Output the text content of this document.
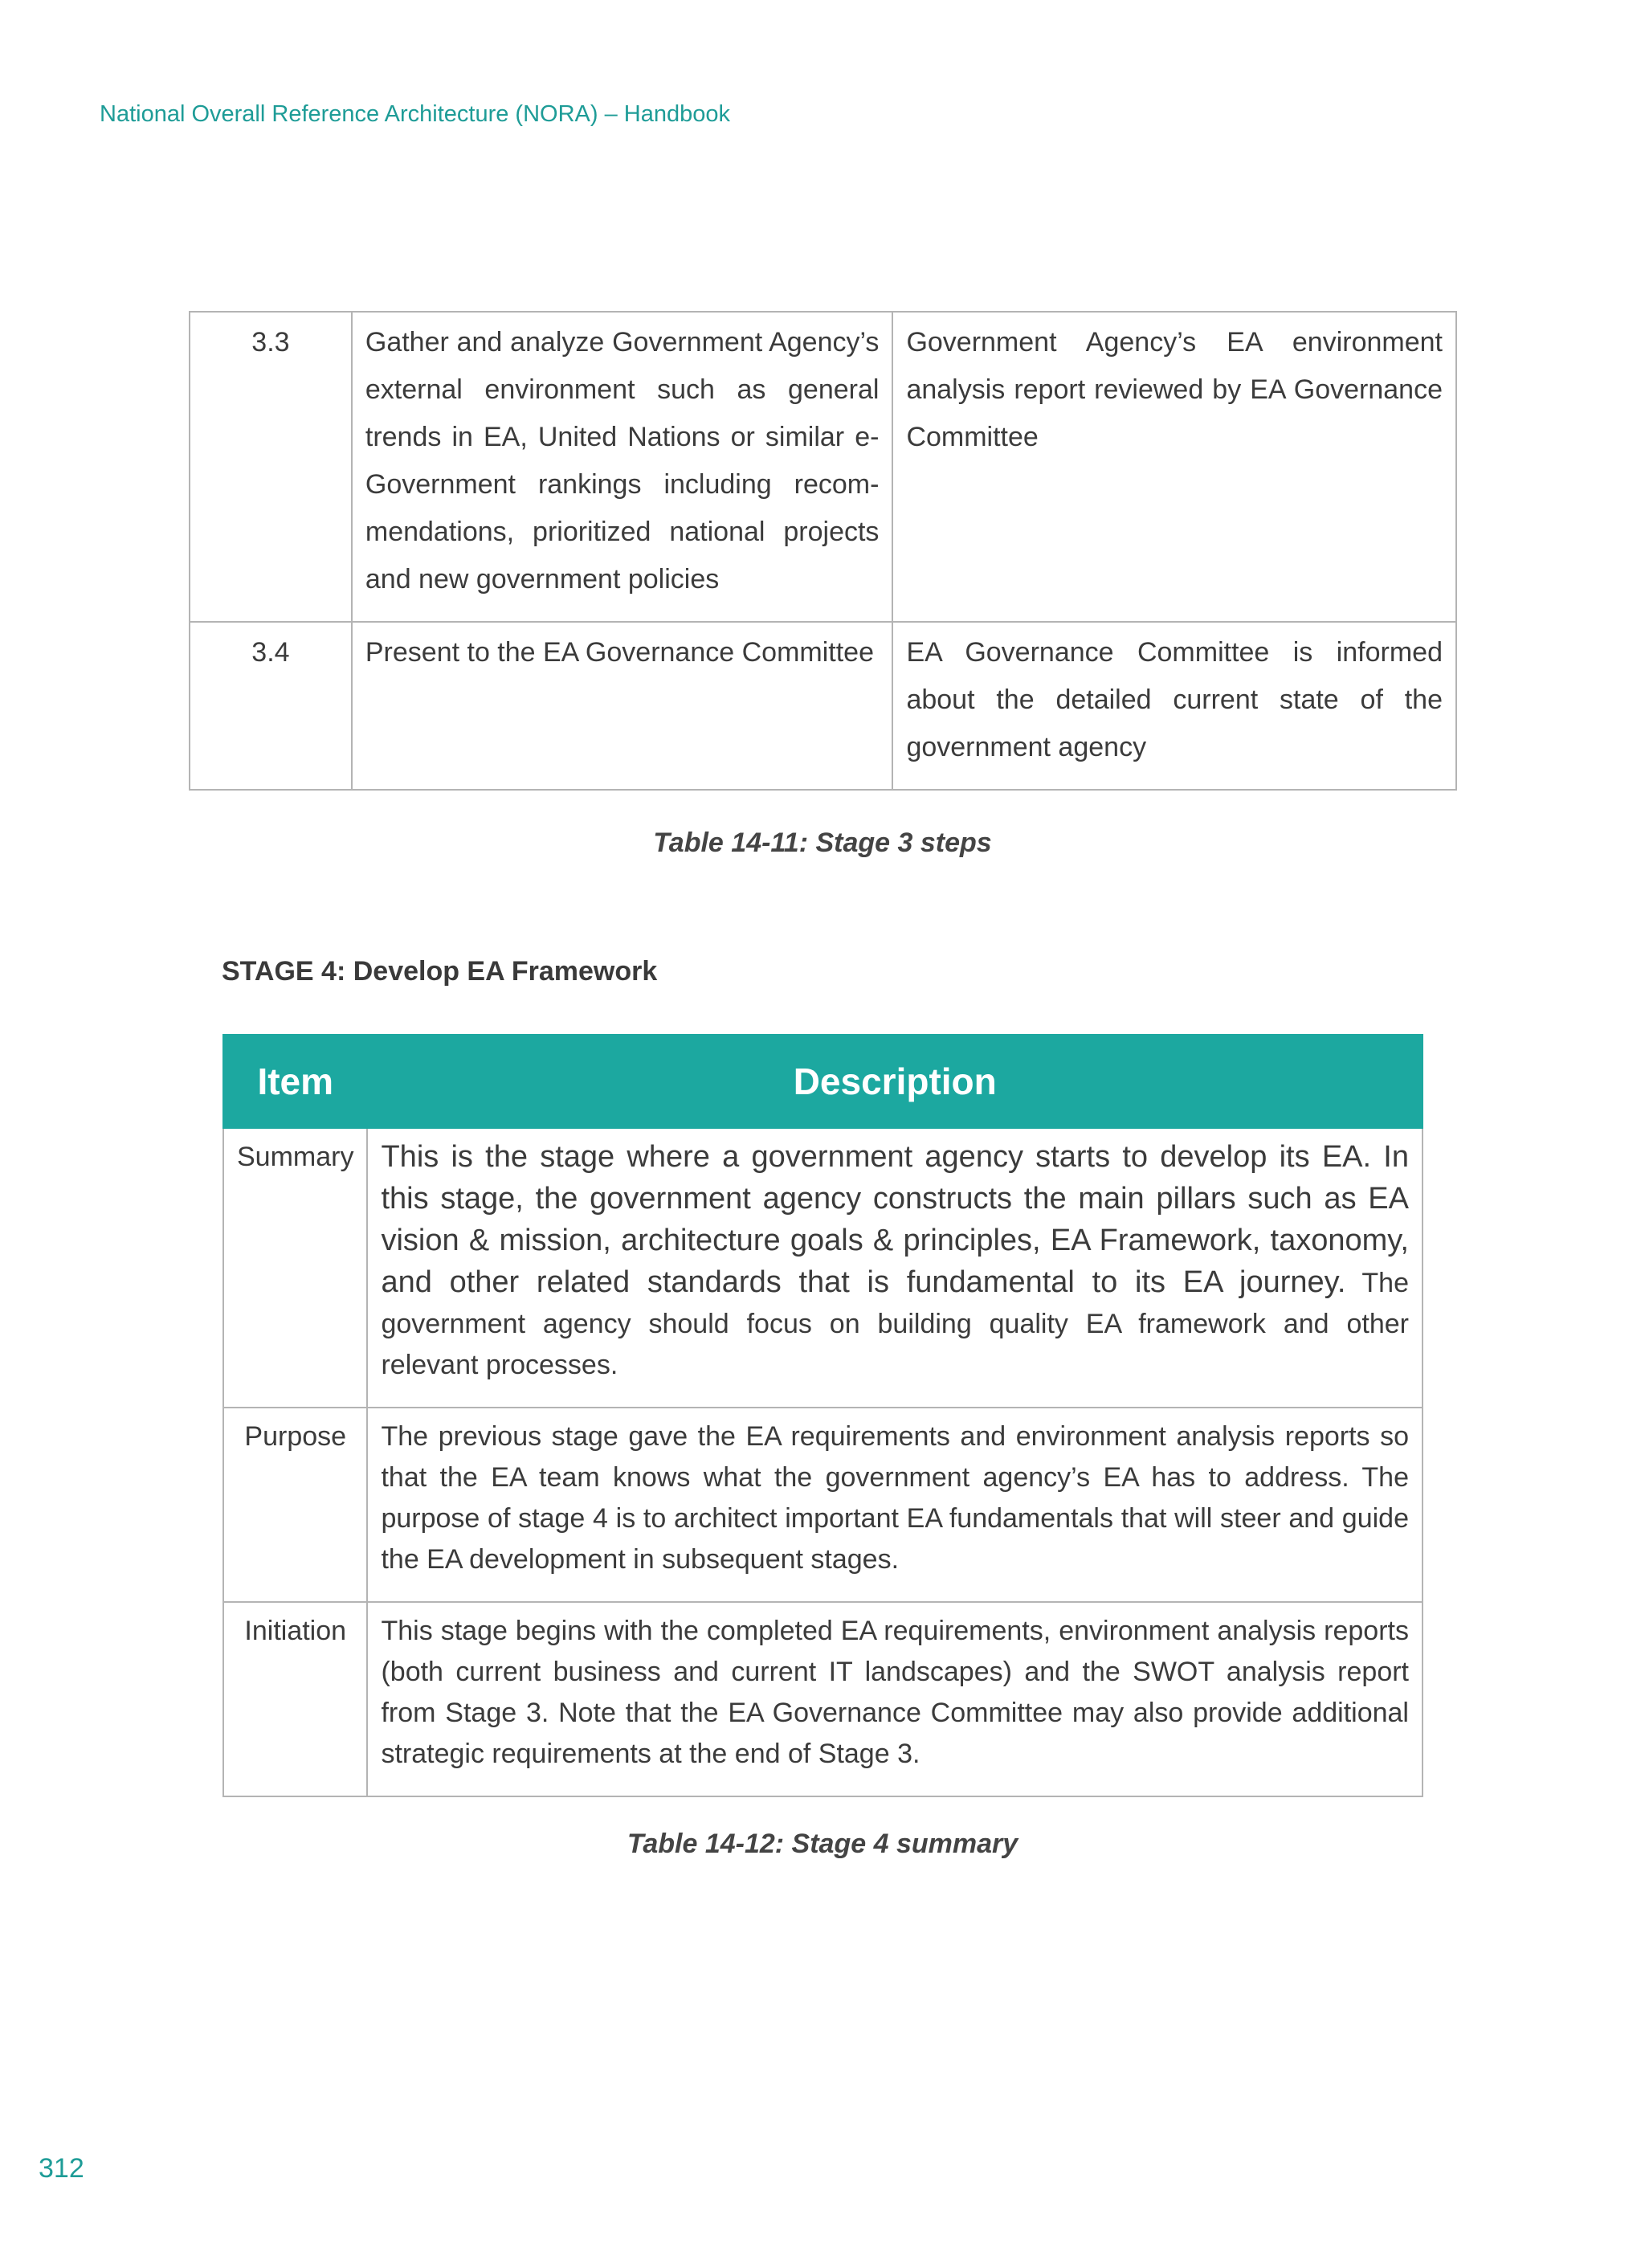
National Overall Reference Architecture (NORA) – Handbook
3.3	Gather and analyze Government Agency’s external environment such as general trends in EA, United Nations or similar e-Government rankings including recommendations, prioritized national projects and new government policies	Government Agency’s EA environment analysis report reviewed by EA Governance Committee
3.4	Present to the EA Governance Committee	EA Governance Committee is informed about the detailed current state of the government agency
Table 14-11: Stage 3 steps
STAGE 4: Develop EA Framework
Item	Description
Summary	This is the stage where a government agency starts to develop its EA. In this stage, the government agency constructs the main pillars such as EA vision & mission, architecture goals & principles, EA Framework, taxonomy, and other related standards that is fundamental to its EA journey. The government agency should focus on building quality EA framework and other relevant processes.
Purpose	The previous stage gave the EA requirements and environment analysis reports so that the EA team knows what the government agency’s EA has to address. The purpose of stage 4 is to architect important EA fundamentals that will steer and guide the EA development in subsequent stages.
Initiation	This stage begins with the completed EA requirements, environment analysis reports (both current business and current IT landscapes) and the SWOT analysis report from Stage 3. Note that the EA Governance Committee may also provide additional strategic requirements at the end of Stage 3.
Table 14-12: Stage 4 summary
312
